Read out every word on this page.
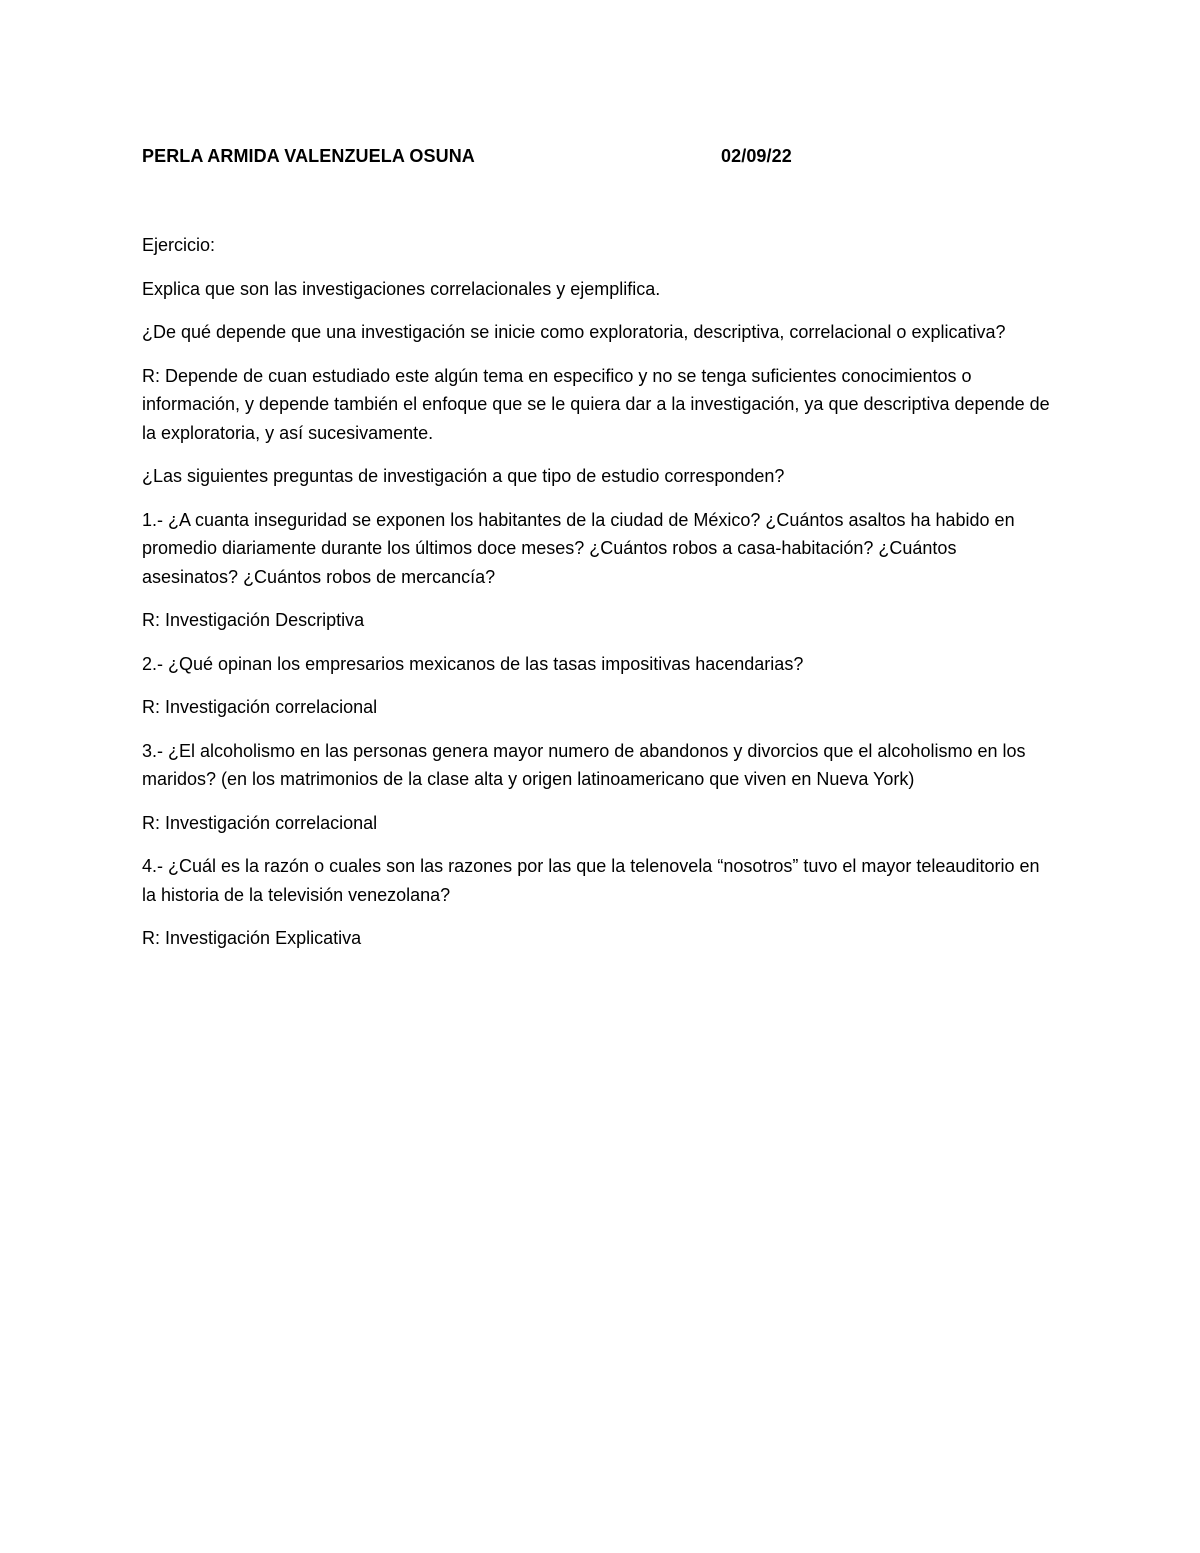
PERLA ARMIDA VALENZUELA OSUNA	02/09/22

Ejercicio:

Explica que son las investigaciones correlacionales y ejemplifica.

¿De qué depende que una investigación se inicie como exploratoria, descriptiva, correlacional o explicativa?

R: Depende de cuan estudiado este algún tema en especifico y no se tenga suficientes conocimientos o información, y depende también el enfoque que se le quiera dar a la investigación, ya que descriptiva depende de la exploratoria, y así sucesivamente.

¿Las siguientes preguntas de investigación a que tipo de estudio corresponden?

1.- ¿A cuanta inseguridad se exponen los habitantes de la ciudad de México? ¿Cuántos asaltos ha habido en promedio diariamente durante los últimos doce meses? ¿Cuántos robos a casa-habitación? ¿Cuántos asesinatos? ¿Cuántos robos de mercancía?

R: Investigación Descriptiva

2.- ¿Qué opinan los empresarios mexicanos de las tasas impositivas hacendarias?

R: Investigación correlacional

3.- ¿El alcoholismo en las personas genera mayor numero de abandonos y divorcios que el alcoholismo en los maridos? (en los matrimonios de la clase alta y origen latinoamericano que viven en Nueva York)

R: Investigación correlacional

4.- ¿Cuál es la razón o cuales son las razones por las que la telenovela “nosotros” tuvo el mayor teleauditorio en la historia de la televisión venezolana?

R: Investigación Explicativa
